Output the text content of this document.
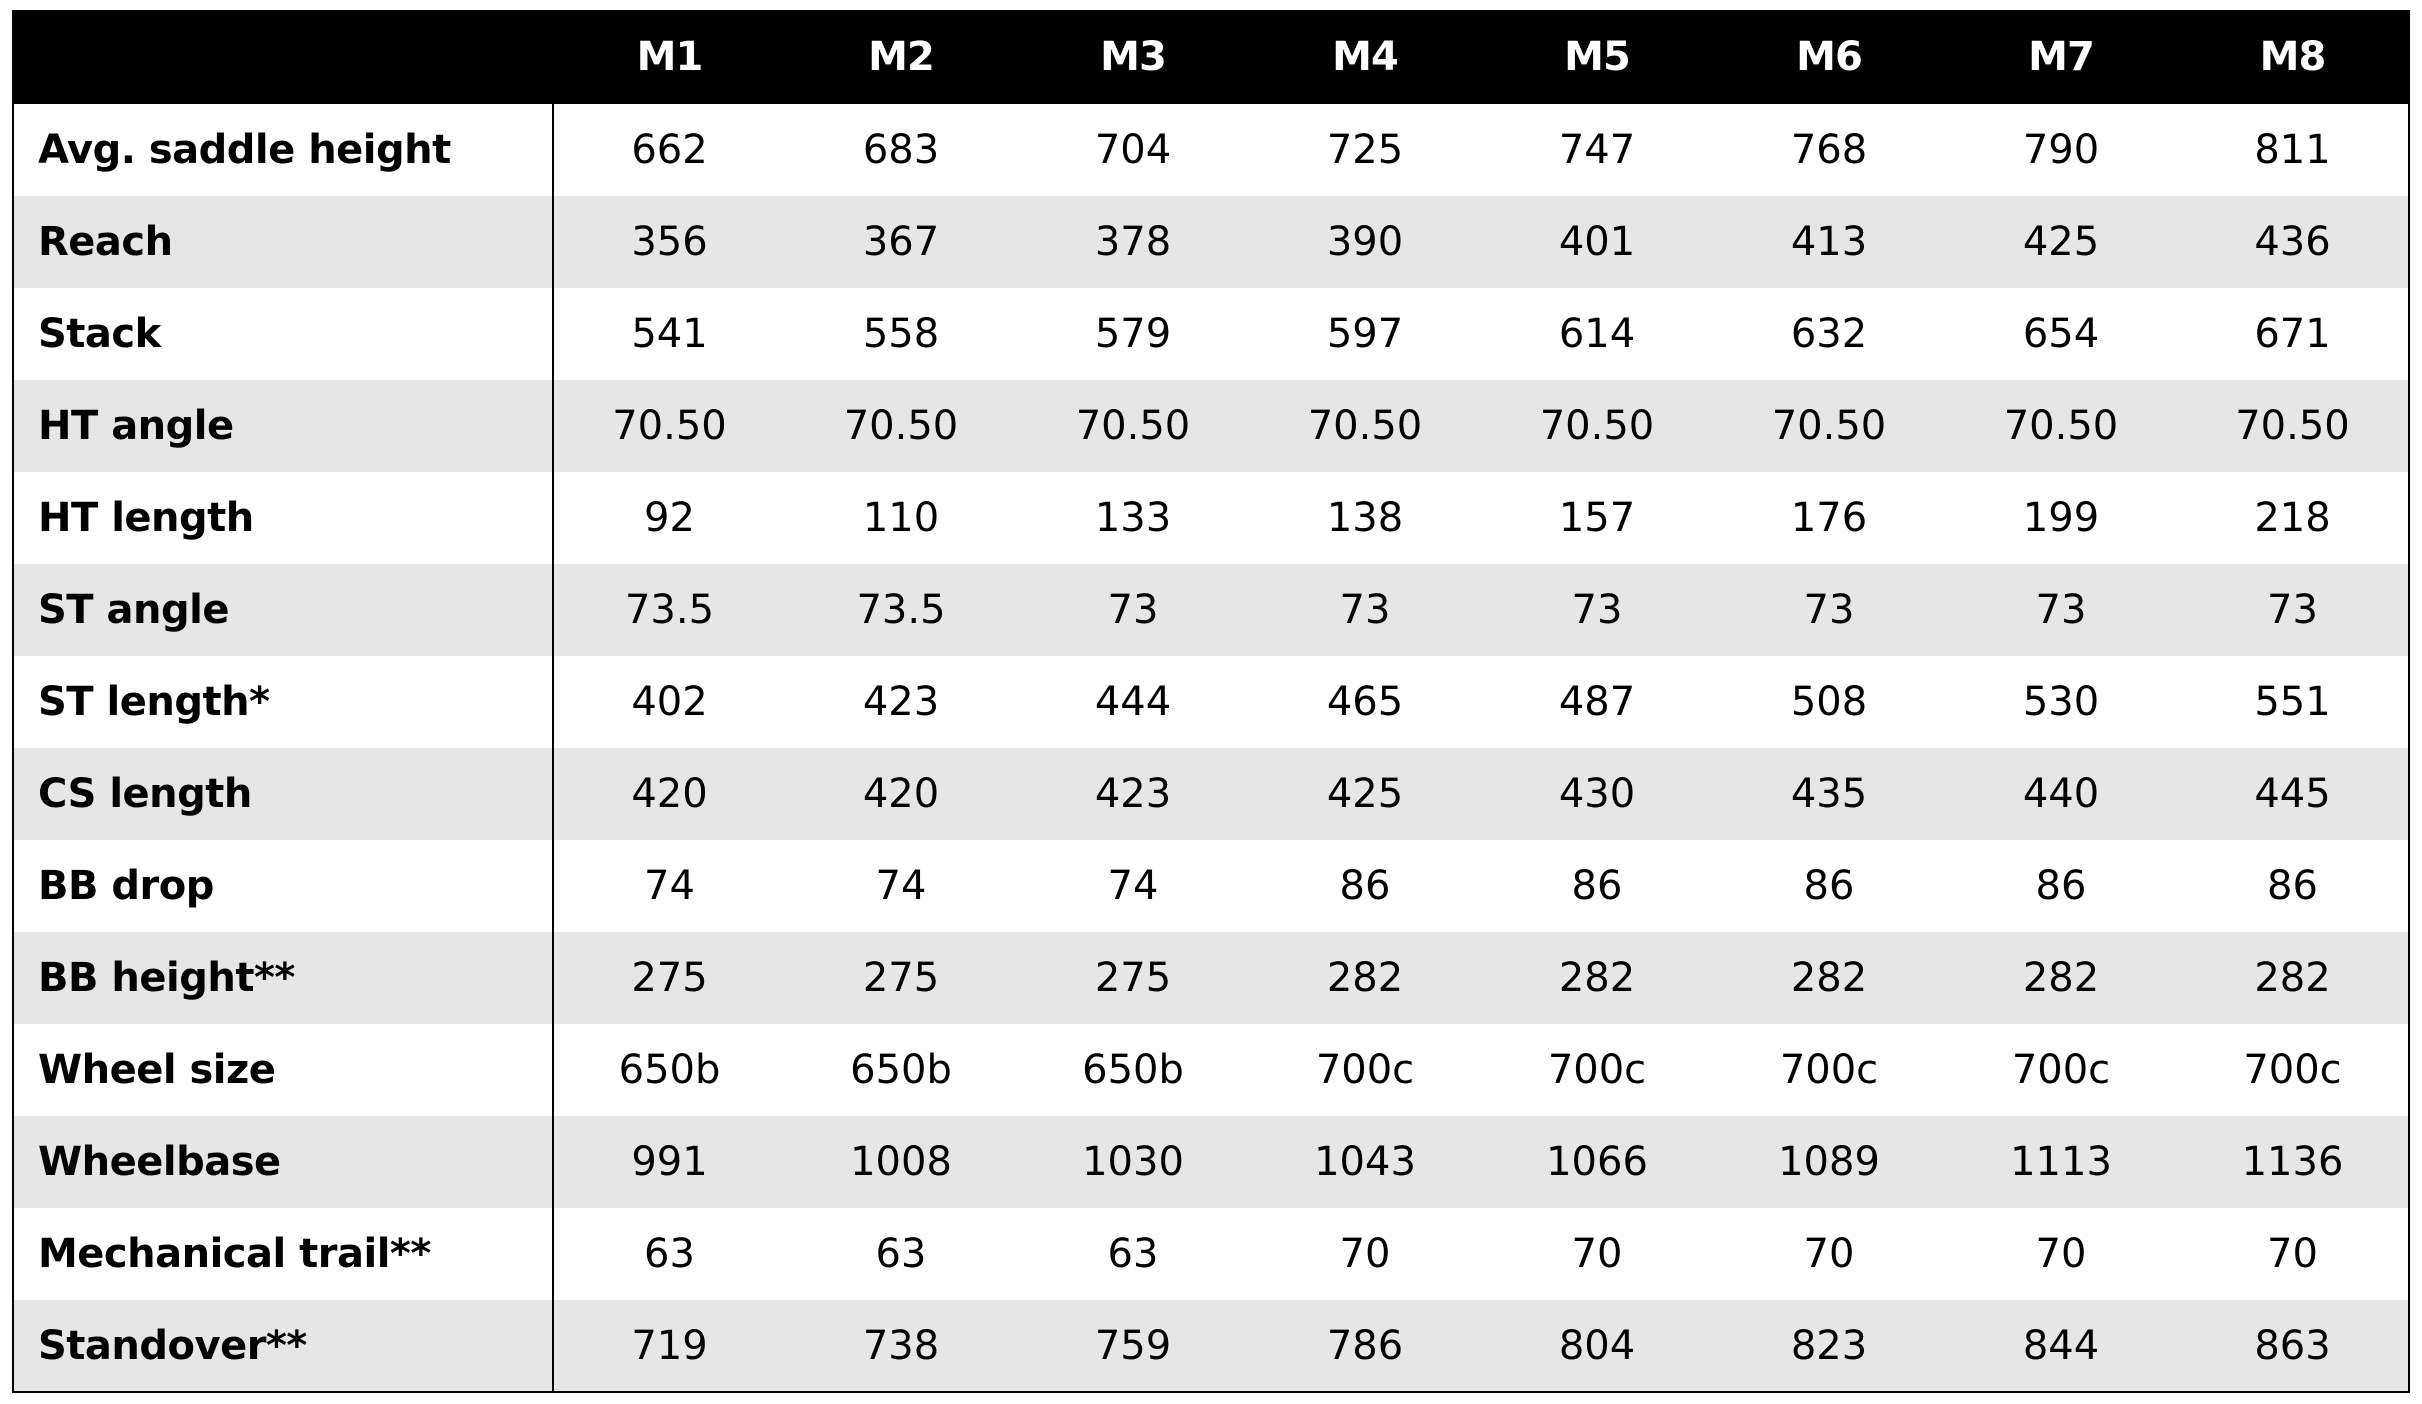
	M1	M2	M3	M4	M5	M6	M7	M8
Avg. saddle height	662	683	704	725	747	768	790	811
Reach	356	367	378	390	401	413	425	436
Stack	541	558	579	597	614	632	654	671
HT angle	70.50	70.50	70.50	70.50	70.50	70.50	70.50	70.50
HT length	92	110	133	138	157	176	199	218
ST angle	73.5	73.5	73	73	73	73	73	73
ST length*	402	423	444	465	487	508	530	551
CS length	420	420	423	425	430	435	440	445
BB drop	74	74	74	86	86	86	86	86
BB height**	275	275	275	282	282	282	282	282
Wheel size	650b	650b	650b	700c	700c	700c	700c	700c
Wheelbase	991	1008	1030	1043	1066	1089	1113	1136
Mechanical trail**	63	63	63	70	70	70	70	70
Standover**	719	738	759	786	804	823	844	863
